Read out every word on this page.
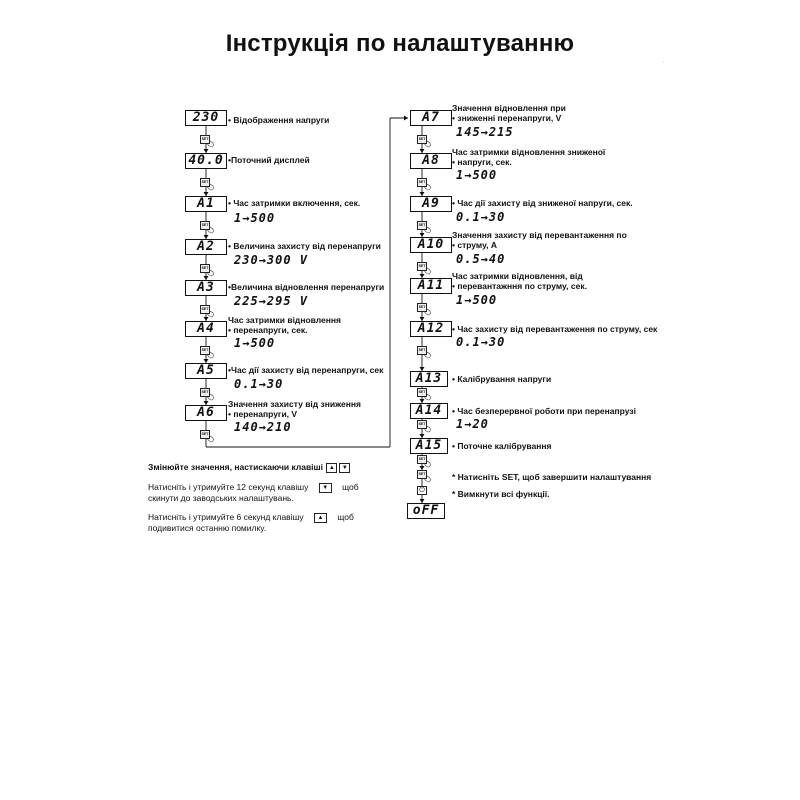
Інструкція по налаштуванню
·
230	• Відображення напруги
SET
40.0 •Поточний дисплей
SET
A1	• Час затримки включення, сек.
1→500
SET
A2	• Величина захисту від перенапруги
230→300 V
SET
A3	•Величина відновлення перенапруги
225→295 V
SET
A4
Час затримки відновлення
• перенапруги, сек.
1→500
SET
A5	•Час дії захисту від перенапруги, сек
0.1→30
SET
A6
Значення захисту від зниження
• перенапруги, V
140→210
SET
A7
Значення відновлення при
• зниженні перенапруги, V
145→215
SET
A8
Час затримки відновлення зниженої
• напруги, сек.
1→500
SET
A9	• Час дії захисту від зниженої напруги, сек.
0.1→30
SET
A10
Значення захисту від перевантаження по
• струму, A
0.5→40
SET
A11
Час затримки відновлення, від
• перевантажння по струму, сек.
1→500
SET
A12 • Час захисту від перевантаження по струму, сек
0.1→30
SET
A13	• Калібрування напруги
SET
A14	• Час безперервної роботи при перенапрузі
1→20
SET
A15	• Поточне калібрування
SET
SET	* Натисніть SET, щоб завершити налаштування
⏻	* Вимкнути всі функції.
oFF
Змінюйте значення, настискаючи клавіші ▲ ▼
Натисніть і утримуйте 12 секунд клавішу ▼ щоб
скинути до заводських налаштувань.
Натисніть і утримуйте 6 секунд клавішу ▲ щоб
подивитися останню помилку.
